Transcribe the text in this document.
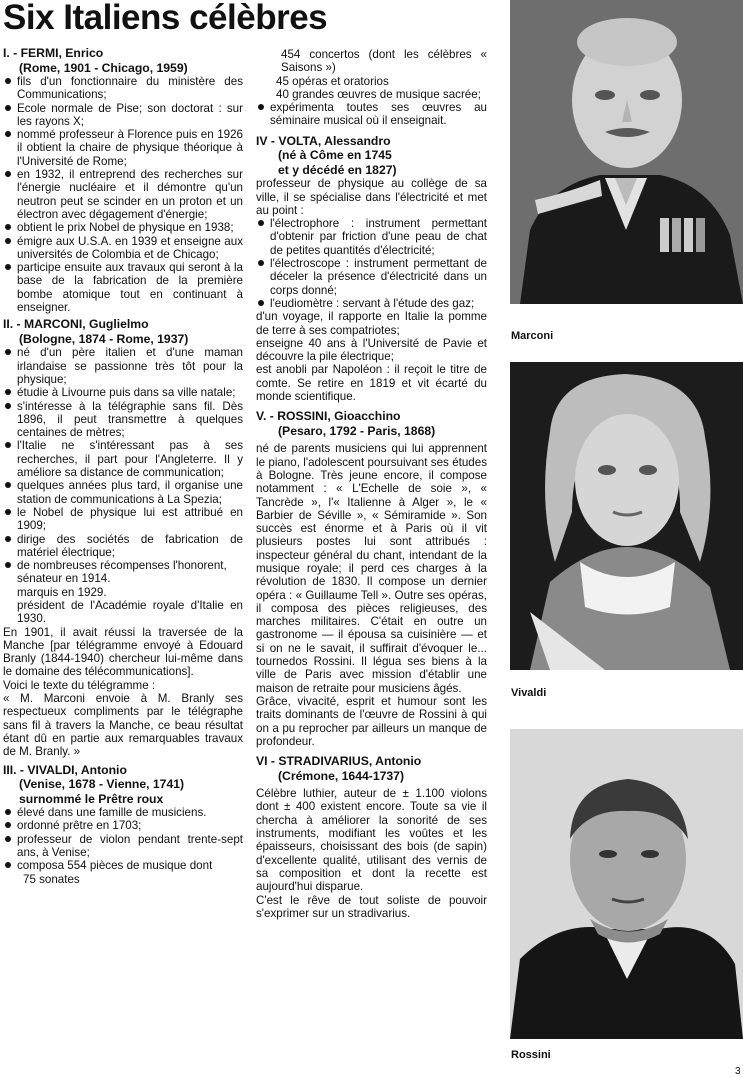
Six Italiens célèbres
I. - FERMI, Enrico
(Rome, 1901 - Chicago, 1959)
fils d'un fonctionnaire du ministère des Communications;
Ecole normale de Pise; son doctorat : sur les rayons X;
nommé professeur à Florence puis en 1926 il obtient la chaire de physique théorique à l'Université de Rome;
en 1932, il entreprend des recherches sur l'énergie nucléaire et il démontre qu'un neutron peut se scinder en un proton et un électron avec dégagement d'énergie;
obtient le prix Nobel de physique en 1938;
émigre aux U.S.A. en 1939 et enseigne aux universités de Colombia et de Chicago;
participe ensuite aux travaux qui seront à la base de la fabrication de la première bombe atomique tout en continuant à enseigner.
II. - MARCONI, Guglielmo
(Bologne, 1874 - Rome, 1937)
né d'un père italien et d'une maman irlandaise se passionne très tôt pour la physique;
étudie à Livourne puis dans sa ville natale;
s'intéresse à la télégraphie sans fil. Dès 1896, il peut transmettre à quelques centaines de mètres;
l'Italie ne s'intéressant pas à ses recherches, il part pour l'Angleterre. Il y améliore sa distance de communication;
quelques années plus tard, il organise une station de communications à La Spezia;
le Nobel de physique lui est attribué en 1909;
dirige des sociétés de fabrication de matériel électrique;
de nombreuses récompenses l'honorent,

sénateur en 1914.

marquis en 1929.

président de l'Académie royale d'Italie en 1930.

En 1901, il avait réussi la traversée de la Manche [par télégramme envoyé à Edouard Branly (1844-1940) chercheur lui-même dans le domaine des télécommunications].

Voici le texte du télégramme :

« M. Marconi envoie à M. Branly ses respectueux compliments par le télégraphe sans fil à travers la Manche, ce beau résultat étant dû en partie aux remarquables travaux de M. Branly. »

III. - VIVALDI, Antonio
(Venise, 1678 - Vienne, 1741)
surnommé le Prêtre roux
élevé dans une famille de musiciens.
ordonné prêtre en 1703;
professeur de violon pendant trente-sept ans, à Venise;
composa 554 pièces de musique dont

75 sonates

454 concertos (dont les célèbres « Saisons »)

45 opéras et oratorios

40 grandes œuvres de musique sacrée;

expérimenta toutes ses œuvres au séminaire musical où il enseignait.
IV - VOLTA, Alessandro
(né à Côme en 1745
et y décédé en 1827)

professeur de physique au collège de sa ville, il se spécialise dans l'électricité et met au point :

l'électrophore : instrument permettant d'obtenir par friction d'une peau de chat de petites quantités d'électricité;
l'électroscope : instrument permettant de déceler la présence d'électricité dans un corps donné;
l'eudiomètre : servant à l'étude des gaz;

d'un voyage, il rapporte en Italie la pomme de terre à ses compatriotes;

enseigne 40 ans à l'Université de Pavie et découvre la pile électrique;

est anobli par Napoléon : il reçoit le titre de comte. Se retire en 1819 et vit écarté du monde scientifique.

V. - ROSSINI, Gioacchino
(Pesaro, 1792 - Paris, 1868)

né de parents musiciens qui lui apprennent le piano, l'adolescent poursuivant ses études à Bologne. Très jeune encore, il compose notamment : « L'Echelle de soie », « Tancrède », l'« Italienne à Alger », le « Barbier de Séville », « Sémiramide ». Son succès est énorme et à Paris où il vit plusieurs postes lui sont attribués : inspecteur général du chant, intendant de la musique royale; il perd ces charges à la révolution de 1830. Il compose un dernier opéra : « Guillaume Tell ». Outre ses opéras, il composa des pièces religieuses, des marches militaires. C'était en outre un gastronome — il épousa sa cuisinière — et si on ne le savait, il suffirait d'évoquer le... tournedos Rossini. Il légua ses biens à la ville de Paris avec mission d'établir une maison de retraite pour musiciens âgés.

Grâce, vivacité, esprit et humour sont les traits dominants de l'œuvre de Rossini à qui on a pu reprocher par ailleurs un manque de profondeur.

VI - STRADIVARIUS, Antonio
(Crémone, 1644-1737)

Célèbre luthier, auteur de ± 1.100 violons dont ± 400 existent encore. Toute sa vie il chercha à améliorer la sonorité de ses instruments, modifiant les voûtes et les épaisseurs, choisissant des bois (de sapin) d'excellente qualité, utilisant des vernis de sa composition et dont la recette est aujourd'hui disparue.

C'est le rêve de tout soliste de pouvoir s'exprimer sur un stradivarius.

Marconi

Vivaldi

Rossini

3
